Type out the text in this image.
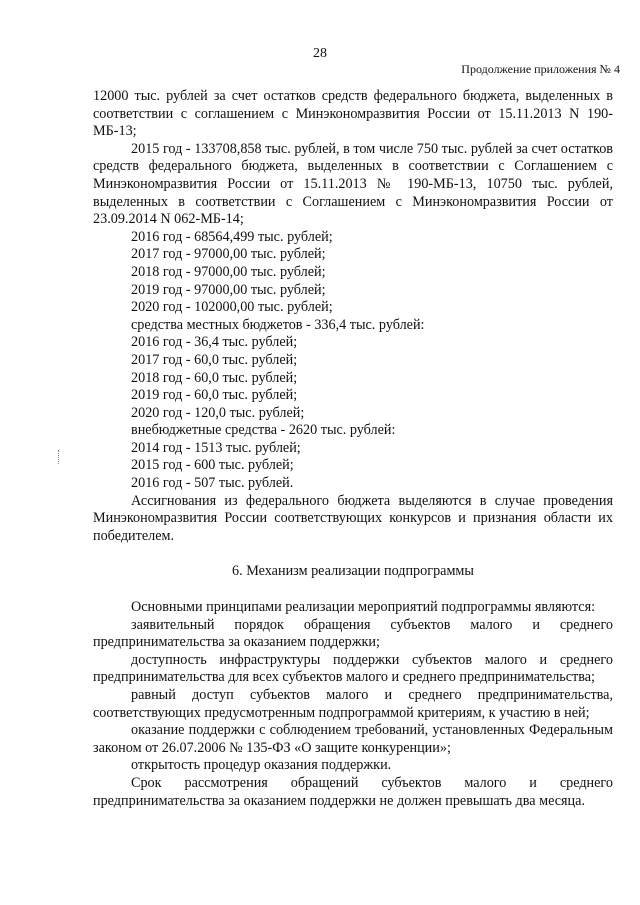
28
Продолжение приложения № 4

12000 тыс. рублей за счет остатков средств федерального бюджета, выделенных в соответствии с соглашением с Минэкономразвития России от 15.11.2013 N 190-МБ-13;

2015 год - 133708,858 тыс. рублей, в том числе 750 тыс. рублей за счет остатков средств федерального бюджета, выделенных в соответствии с Соглашением с Минэкономразвития России от 15.11.2013 № 190-МБ-13, 10750 тыс. рублей, выделенных в соответствии с Соглашением с Минэкономразвития России от 23.09.2014 N 062-МБ-14;

2016 год - 68564,499 тыс. рублей;

2017 год - 97000,00 тыс. рублей;

2018 год - 97000,00 тыс. рублей;

2019 год - 97000,00 тыс. рублей;

2020 год - 102000,00 тыс. рублей;

средства местных бюджетов - 336,4 тыс. рублей:

2016 год - 36,4 тыс. рублей;

2017 год - 60,0 тыс. рублей;

2018 год - 60,0 тыс. рублей;

2019 год - 60,0 тыс. рублей;

2020 год - 120,0 тыс. рублей;

внебюджетные средства - 2620 тыс. рублей:

2014 год - 1513 тыс. рублей;

2015 год - 600 тыс. рублей;

2016 год - 507 тыс. рублей.

Ассигнования из федерального бюджета выделяются в случае проведения Минэкономразвития России соответствующих конкурсов и признания области их победителем.

6. Механизм реализации подпрограммы

Основными принципами реализации мероприятий подпрограммы являются:

заявительный порядок обращения субъектов малого и среднего предпринимательства за оказанием поддержки;

доступность инфраструктуры поддержки субъектов малого и среднего предпринимательства для всех субъектов малого и среднего предпринимательства;

равный доступ субъектов малого и среднего предпринимательства, соответствующих предусмотренным подпрограммой критериям, к участию в ней;

оказание поддержки с соблюдением требований, установленных Федеральным законом от 26.07.2006 № 135-ФЗ «О защите конкуренции»;

открытость процедур оказания поддержки.

Срок рассмотрения обращений субъектов малого и среднего предпринимательства за оказанием поддержки не должен превышать два месяца.
